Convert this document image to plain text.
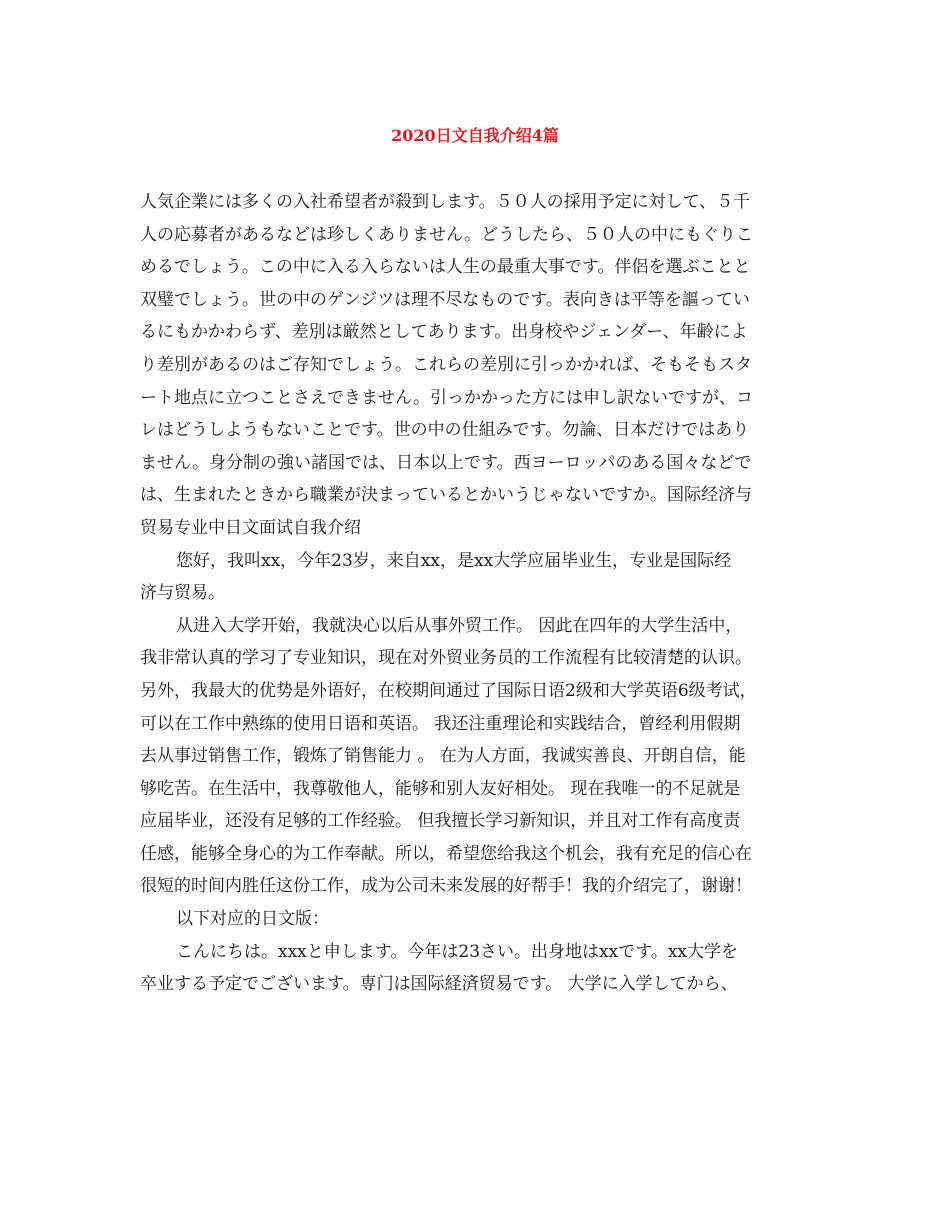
2020日文自我介绍4篇
人気企業には多くの入社希望者が殺到します。５０人の採用予定に対して、５千
人の応募者があるなどは珍しくありません。どうしたら、５０人の中にもぐりこ
めるでしょう。この中に入る入らないは人生の最重大事です。伴侶を選ぶことと
双璧でしょう。世の中のゲンジツは理不尽なものです。表向きは平等を謳ってい
るにもかかわらず、差別は厳然としてあります。出身校やジェンダー、年齢によ
り差別があるのはご存知でしょう。これらの差別に引っかかれば、そもそもスタ
ート地点に立つことさえできません。引っかかった方には申し訳ないですが、コ
レはどうしようもないことです。世の中の仕組みです。勿論、日本だけではあり
ません。身分制の強い諸国では、日本以上です。西ヨーロッパのある国々などで
は、生まれたときから職業が決まっているとかいうじゃないですか。国际经济与
贸易专业中日文面试自我介绍
您好，我叫xx，今年23岁，来自xx，是xx大学应届毕业生，专业是国际经
济与贸易。
从进入大学开始，我就决心以后从事外贸工作。 因此在四年的大学生活中，
我非常认真的学习了专业知识，现在对外贸业务员的工作流程有比较清楚的认识。
另外，我最大的优势是外语好，在校期间通过了国际日语2级和大学英语6级考试，
可以在工作中熟练的使用日语和英语。 我还注重理论和实践结合，曾经利用假期
去从事过销售工作，锻炼了销售能力 。 在为人方面，我诚实善良、开朗自信，能
够吃苦。在生活中，我尊敬他人，能够和别人友好相处。 现在我唯一的不足就是
应届毕业，还没有足够的工作经验。 但我擅长学习新知识，并且对工作有高度责
任感，能够全身心的为工作奉献。所以，希望您给我这个机会，我有充足的信心在
很短的时间内胜任这份工作，成为公司未来发展的好帮手！我的介绍完了，谢谢！
以下对应的日文版：
こんにちは。xxxと申します。今年は23さい。出身地はxxです。xx大学を
卒业する予定でございます。専门は国际経済贸易です。 大学に入学してから、
